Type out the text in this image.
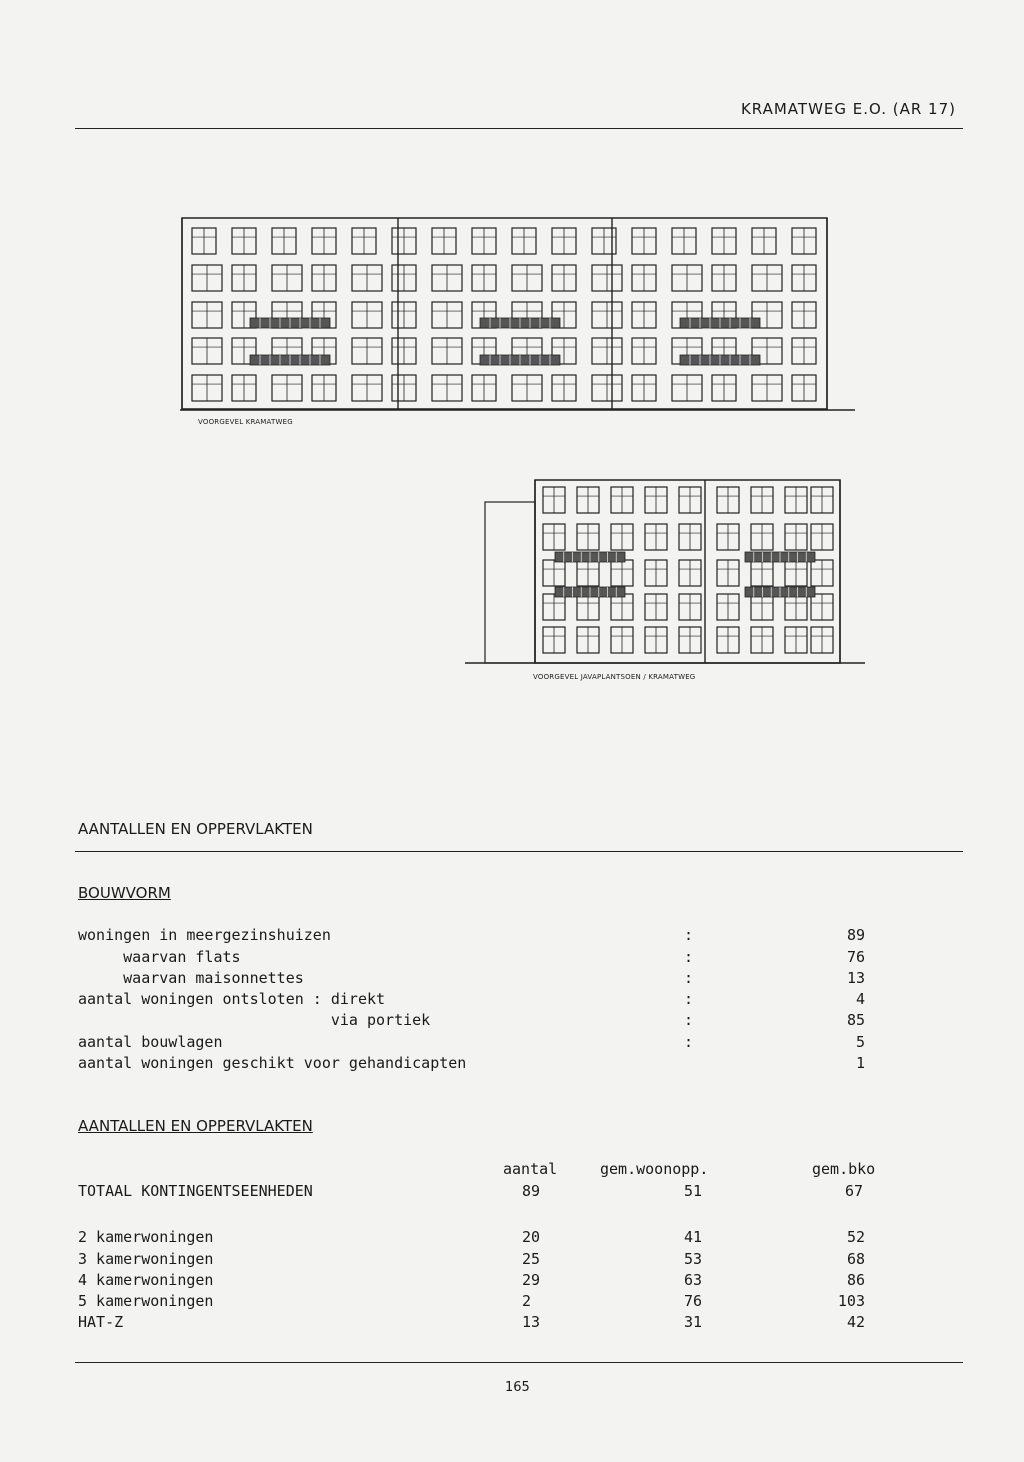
KRAMATWEG E.O. (AR 17)
VOORGEVEL KRAMATWEG
VOORGEVEL JAVAPLANTSOEN / KRAMATWEG
AANTALLEN EN OPPERVLAKTEN
BOUWVORM
woningen in meergezinshuizen	:	89
waarvan flats	:	76
waarvan maisonnettes	:	13
aantal woningen ontsloten : direkt	:	4
via portiek	:	85
aantal bouwlagen	:	5
aantal woningen geschikt voor gehandicapten	1
AANTALLEN EN OPPERVLAKTEN
aantal	gem.woonopp.	gem.bko
TOTAAL KONTINGENTSEENHEDEN	89	51	67
2 kamerwoningen	20	41	52
3 kamerwoningen	25	53	68
4 kamerwoningen	29	63	86
5 kamerwoningen	2	76	103
HAT-Z	13	31	42
165
